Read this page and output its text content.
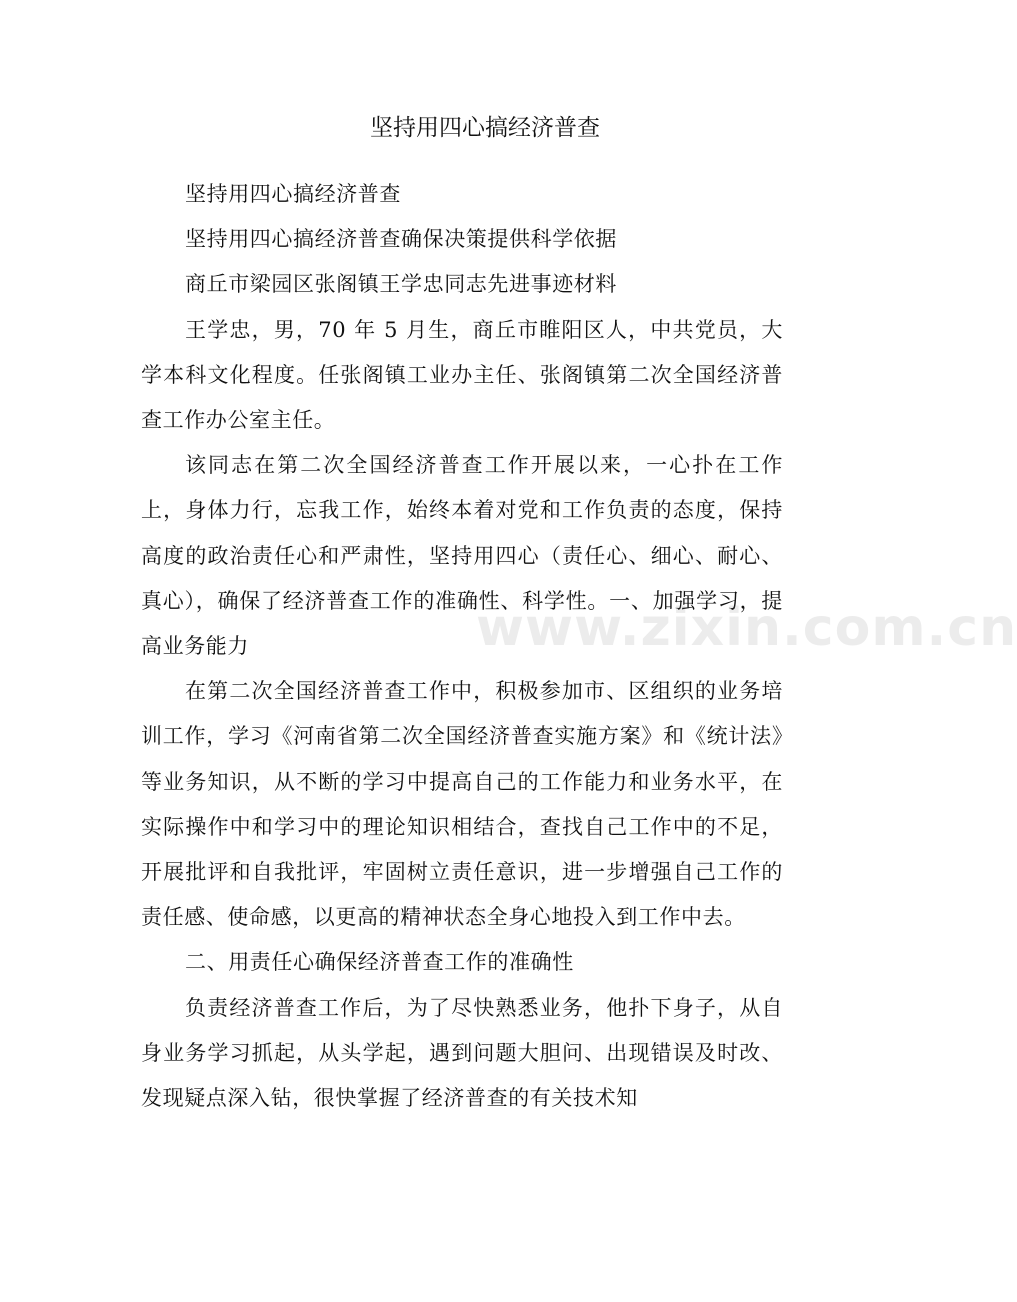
坚持用四心搞经济普查

坚持用四心搞经济普查

坚持用四心搞经济普查确保决策提供科学依据

商丘市梁园区张阁镇王学忠同志先进事迹材料

王学忠，男，70 年 5 月生，商丘市睢阳区人，中共党员，大学本科文化程度。任张阁镇工业办主任、张阁镇第二次全国经济普查工作办公室主任。

该同志在第二次全国经济普查工作开展以来，一心扑在工作上，身体力行，忘我工作，始终本着对党和工作负责的态度，保持高度的政治责任心和严肃性，坚持用四心（责任心、细心、耐心、真心），确保了经济普查工作的准确性、科学性。一、加强学习，提高业务能力

在第二次全国经济普查工作中，积极参加市、区组织的业务培训工作，学习《河南省第二次全国经济普查实施方案》和《统计法》等业务知识，从不断的学习中提高自己的工作能力和业务水平，在实际操作中和学习中的理论知识相结合，查找自己工作中的不足，开展批评和自我批评，牢固树立责任意识，进一步增强自己工作的责任感、使命感，以更高的精神状态全身心地投入到工作中去。

二、用责任心确保经济普查工作的准确性

负责经济普查工作后，为了尽快熟悉业务，他扑下身子，从自身业务学习抓起，从头学起，遇到问题大胆问、出现错误及时改、发现疑点深入钻，很快掌握了经济普查的有关技术知

www.zixin.com.cn
